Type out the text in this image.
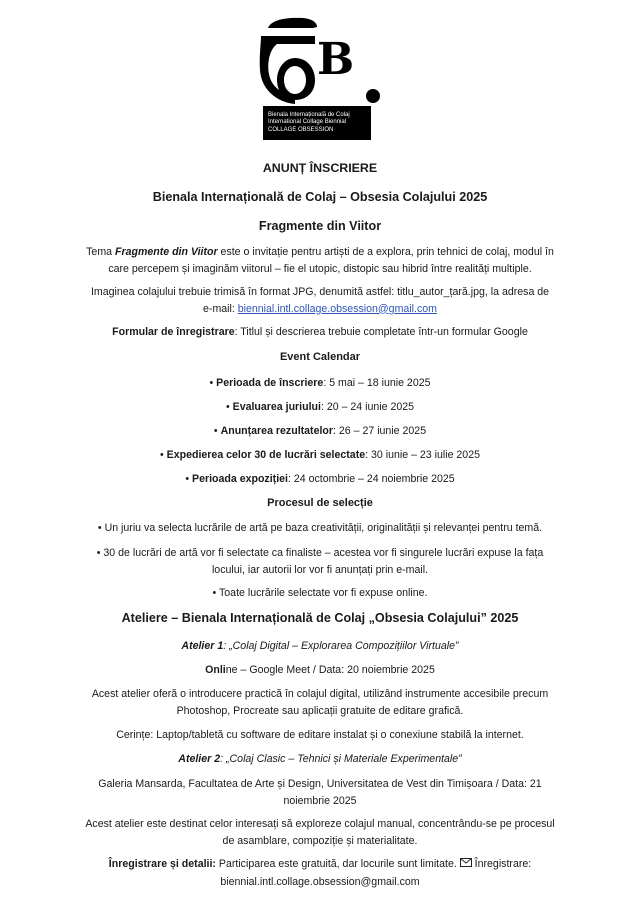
B
Bienala Internațională de Colaj
International Collage Biennial
COLLAGE OBSESSION
ANUNȚ ÎNSCRIERE
Bienala Internațională de Colaj – Obsesia Colajului 2025
Fragmente din Viitor
Tema Fragmente din Viitor este o invitație pentru artiști de a explora, prin tehnici de colaj, modul în
care percepem și imaginăm viitorul – fie el utopic, distopic sau hibrid între realități multiple.
Imaginea colajului trebuie trimisă în format JPG, denumită astfel: titlu_autor_țară.jpg, la adresa de
e-mail: biennial.intl.collage.obsession@gmail.com
Formular de înregistrare: Titlul și descrierea trebuie completate într-un formular Google
Event Calendar
• Perioada de înscriere: 5 mai – 18 iunie 2025
• Evaluarea juriului: 20 – 24 iunie 2025
• Anunțarea rezultatelor: 26 – 27 iunie 2025
• Expedierea celor 30 de lucrări selectate: 30 iunie – 23 iulie 2025
• Perioada expoziției: 24 octombrie – 24 noiembrie 2025
Procesul de selecție
• Un juriu va selecta lucrările de artă pe baza creativității, originalității și relevanței pentru temă.
• 30 de lucrări de artă vor fi selectate ca finaliste – acestea vor fi singurele lucrări expuse la fața
locului, iar autorii lor vor fi anunțați prin e-mail.
• Toate lucrările selectate vor fi expuse online.
Ateliere – Bienala Internațională de Colaj „Obsesia Colajului” 2025
Atelier 1: „Colaj Digital – Explorarea Compozițiilor Virtuale”
Online – Google Meet / Data: 20 noiembrie 2025
Acest atelier oferă o introducere practică în colajul digital, utilizând instrumente accesibile precum
Photoshop, Procreate sau aplicații gratuite de editare grafică.
Cerințe: Laptop/tabletă cu software de editare instalat și o conexiune stabilă la internet.
Atelier 2: „Colaj Clasic – Tehnici și Materiale Experimentale”
Galeria Mansarda, Facultatea de Arte și Design, Universitatea de Vest din Timișoara / Data: 21
noiembrie 2025
Acest atelier este destinat celor interesați să exploreze colajul manual, concentrându-se pe procesul
de asamblare, compoziție și materialitate.
Înregistrare și detalii: Participarea este gratuită, dar locurile sunt limitate.  Înregistrare:
biennial.intl.collage.obsession@gmail.com
